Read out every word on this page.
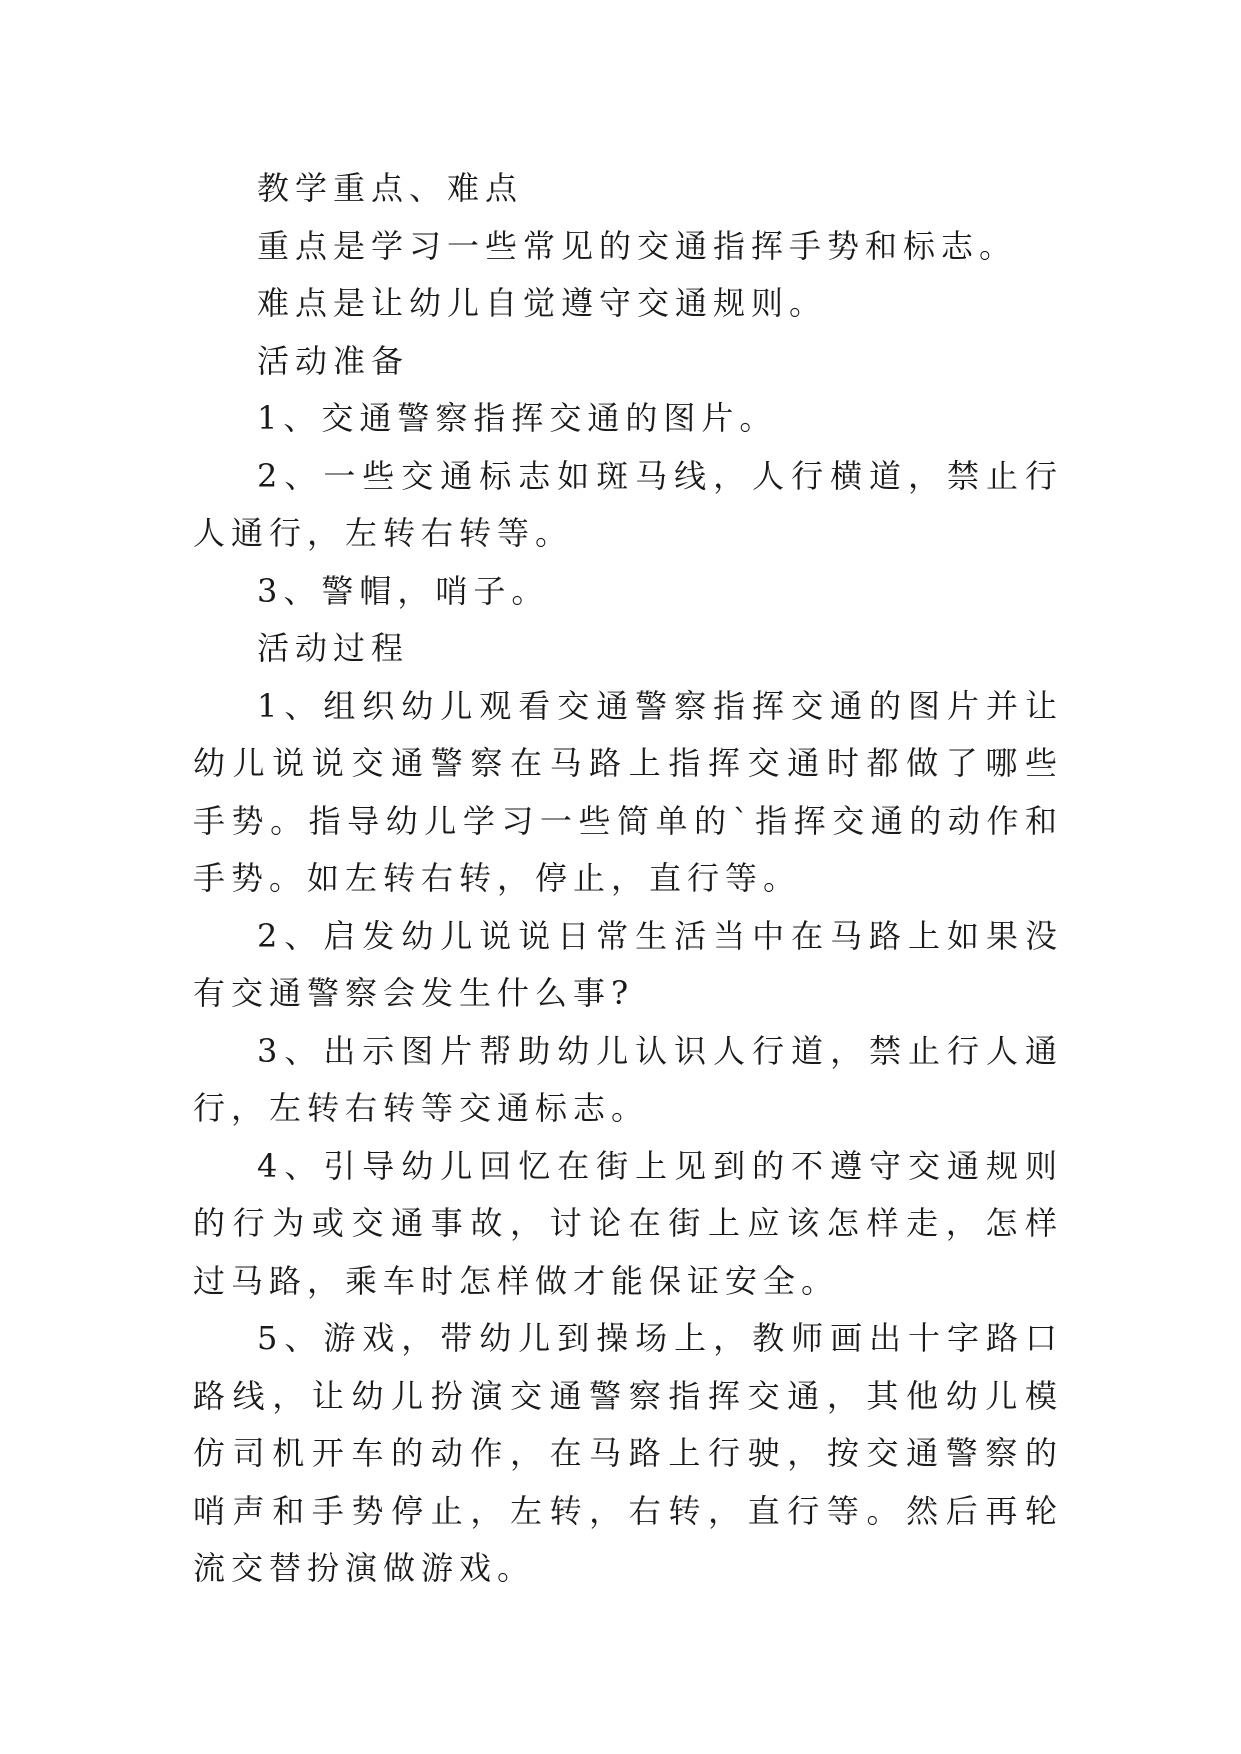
教学重点、难点

重点是学习一些常见的交通指挥手势和标志。

难点是让幼儿自觉遵守交通规则。

活动准备

1、交通警察指挥交通的图片。

2、一些交通标志如斑马线，人行横道，禁止行人通行，左转右转等。

3、警帽，哨子。

活动过程

1、组织幼儿观看交通警察指挥交通的图片并让幼儿说说交通警察在马路上指挥交通时都做了哪些手势。指导幼儿学习一些简单的`指挥交通的动作和手势。如左转右转，停止，直行等。

2、启发幼儿说说日常生活当中在马路上如果没有交通警察会发生什么事?

3、出示图片帮助幼儿认识人行道，禁止行人通行，左转右转等交通标志。

4、引导幼儿回忆在街上见到的不遵守交通规则的行为或交通事故，讨论在街上应该怎样走，怎样过马路，乘车时怎样做才能保证安全。

5、游戏，带幼儿到操场上，教师画出十字路口路线，让幼儿扮演交通警察指挥交通，其他幼儿模仿司机开车的动作，在马路上行驶，按交通警察的哨声和手势停止，左转，右转，直行等。然后再轮流交替扮演做游戏。
